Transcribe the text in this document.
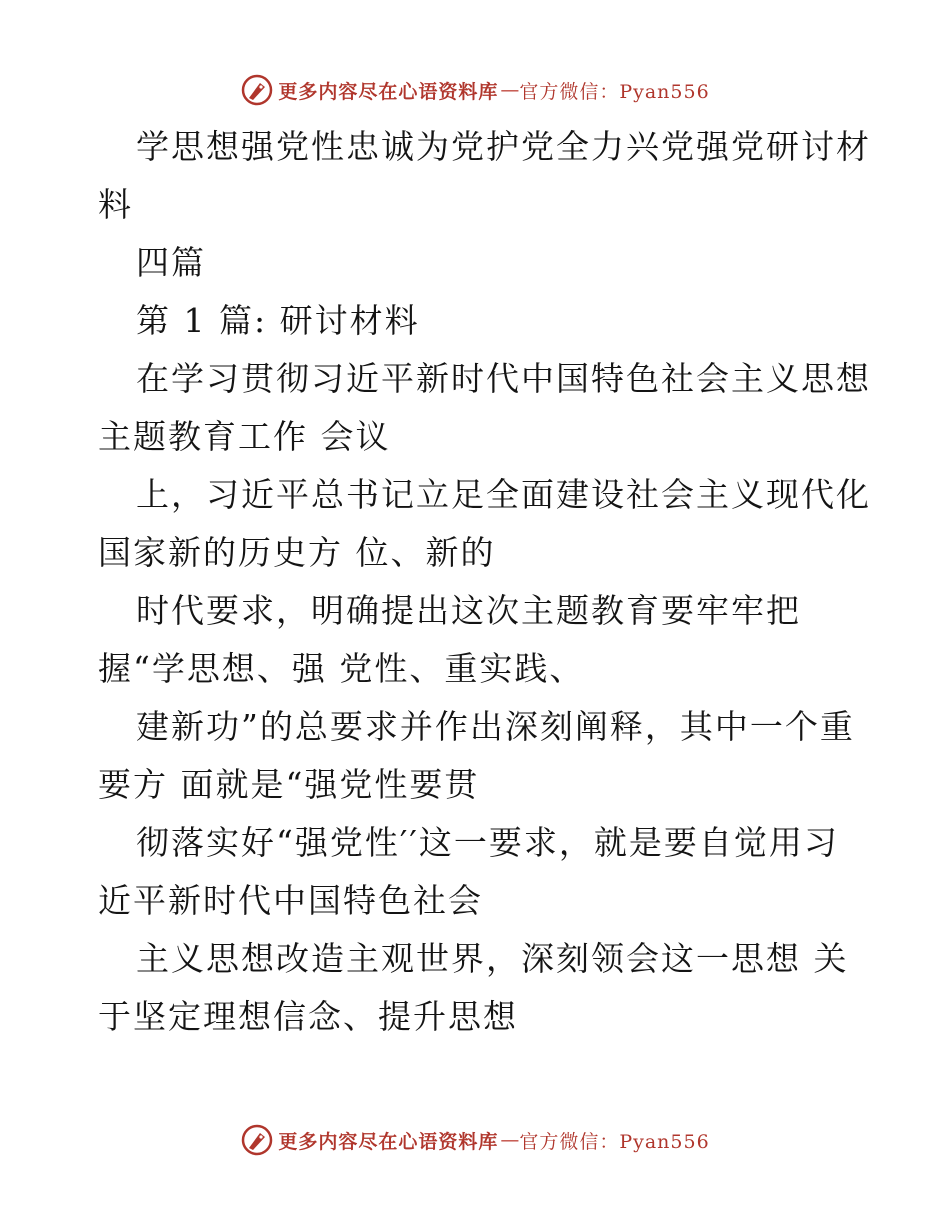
更多内容尽在心语资料库 — 官方微信：Pyan556
学思想强党性忠诚为党护党全力兴党强党研讨材
料
四篇
第 1 篇: 研讨材料
在学习贯彻习近平新时代中国特色社会主义思想
主题教育工作 会议
上，习近平总书记立足全面建设社会主义现代化
国家新的历史方 位、新的
时代要求，明确提出这次主题教育要牢牢把
握“学思想、强 党性、重实践、
建新功”的总要求并作出深刻阐释，其中一个重
要方 面就是“强党性要贯
彻落实好“强党性′′这一要求，就是要自觉用习
近平新时代中国特色社会
主义思想改造主观世界，深刻领会这一思想 关
于坚定理想信念、提升思想
更多内容尽在心语资料库 — 官方微信：Pyan556
